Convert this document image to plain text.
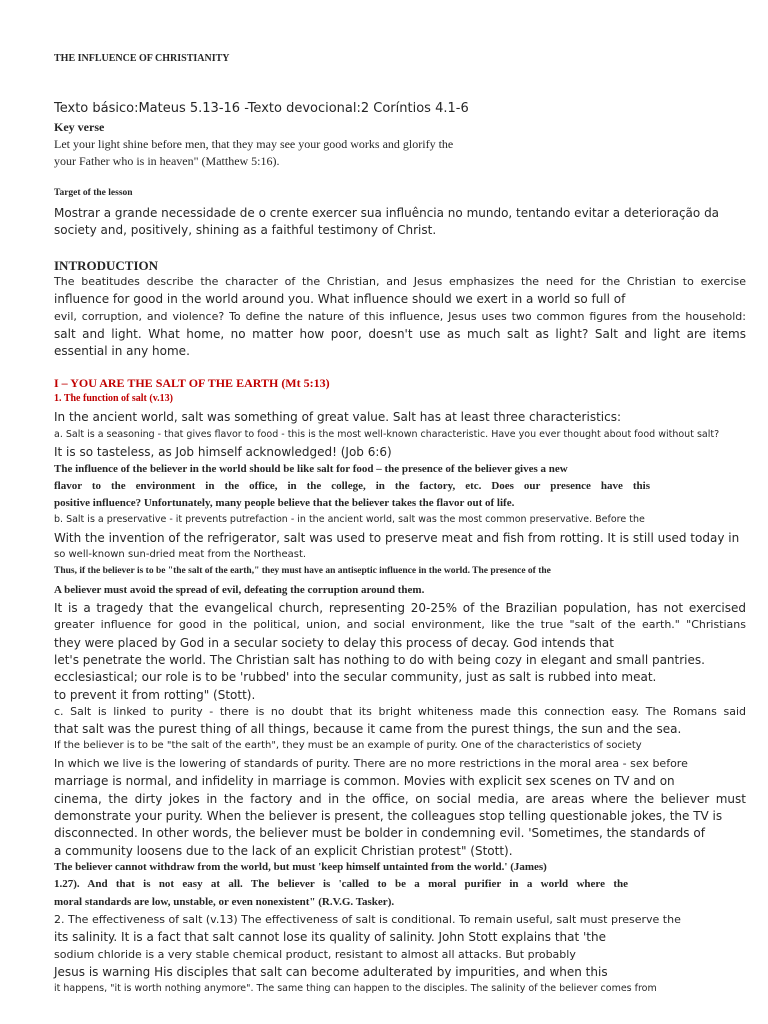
THE INFLUENCE OF CHRISTIANITY
Texto básico:Mateus 5.13-16 -Texto devocional:2 Coríntios 4.1-6
Key verse
Let your light shine before men, that they may see your good works and glorify the
your Father who is in heaven" (Matthew 5:16).
Target of the lesson
Mostrar a grande necessidade de o crente exercer sua influência no mundo, tentando evitar a deterioração da
society and, positively, shining as a faithful testimony of Christ.
INTRODUCTION
The beatitudes describe the character of the Christian, and Jesus emphasizes the need for the Christian to exercise
influence for good in the world around you. What influence should we exert in a world so full of
evil, corruption, and violence? To define the nature of this influence, Jesus uses two common figures from the household:
salt and light. What home, no matter how poor, doesn't use as much salt as light? Salt and light are items
essential in any home.
I – YOU ARE THE SALT OF THE EARTH (Mt 5:13)
1. The function of salt (v.13)
In the ancient world, salt was something of great value. Salt has at least three characteristics:
a. Salt is a seasoning - that gives flavor to food - this is the most well-known characteristic. Have you ever thought about food without salt?
It is so tasteless, as Job himself acknowledged! (Job 6:6)
The influence of the believer in the world should be like salt for food – the presence of the believer gives a new
flavor to the environment in the office, in the college, in the factory, etc. Does our presence have this
positive influence? Unfortunately, many people believe that the believer takes the flavor out of life.
b. Salt is a preservative - it prevents putrefaction - in the ancient world, salt was the most common preservative. Before the
With the invention of the refrigerator, salt was used to preserve meat and fish from rotting. It is still used today in
so well-known sun-dried meat from the Northeast.
Thus, if the believer is to be "the salt of the earth," they must have an antiseptic influence in the world. The presence of the
A believer must avoid the spread of evil, defeating the corruption around them.
It is a tragedy that the evangelical church, representing 20-25% of the Brazilian population, has not exercised
greater influence for good in the political, union, and social environment, like the true "salt of the earth." "Christians
they were placed by God in a secular society to delay this process of decay. God intends that
let's penetrate the world. The Christian salt has nothing to do with being cozy in elegant and small pantries.
ecclesiastical; our role is to be 'rubbed' into the secular community, just as salt is rubbed into meat.
to prevent it from rotting" (Stott).
c. Salt is linked to purity - there is no doubt that its bright whiteness made this connection easy. The Romans said
that salt was the purest thing of all things, because it came from the purest things, the sun and the sea.
If the believer is to be "the salt of the earth", they must be an example of purity. One of the characteristics of society
In which we live is the lowering of standards of purity. There are no more restrictions in the moral area - sex before
marriage is normal, and infidelity in marriage is common. Movies with explicit sex scenes on TV and on
cinema, the dirty jokes in the factory and in the office, on social media, are areas where the believer must
demonstrate your purity. When the believer is present, the colleagues stop telling questionable jokes, the TV is
disconnected. In other words, the believer must be bolder in condemning evil. 'Sometimes, the standards of
a community loosens due to the lack of an explicit Christian protest" (Stott).
The believer cannot withdraw from the world, but must 'keep himself untainted from the world.' (James)
1.27). And that is not easy at all. The believer is 'called to be a moral purifier in a world where the
moral standards are low, unstable, or even nonexistent" (R.V.G. Tasker).
2. The effectiveness of salt (v.13) The effectiveness of salt is conditional. To remain useful, salt must preserve the
its salinity. It is a fact that salt cannot lose its quality of salinity. John Stott explains that 'the
sodium chloride is a very stable chemical product, resistant to almost all attacks. But probably
Jesus is warning His disciples that salt can become adulterated by impurities, and when this
it happens, "it is worth nothing anymore". The same thing can happen to the disciples. The salinity of the believer comes from
